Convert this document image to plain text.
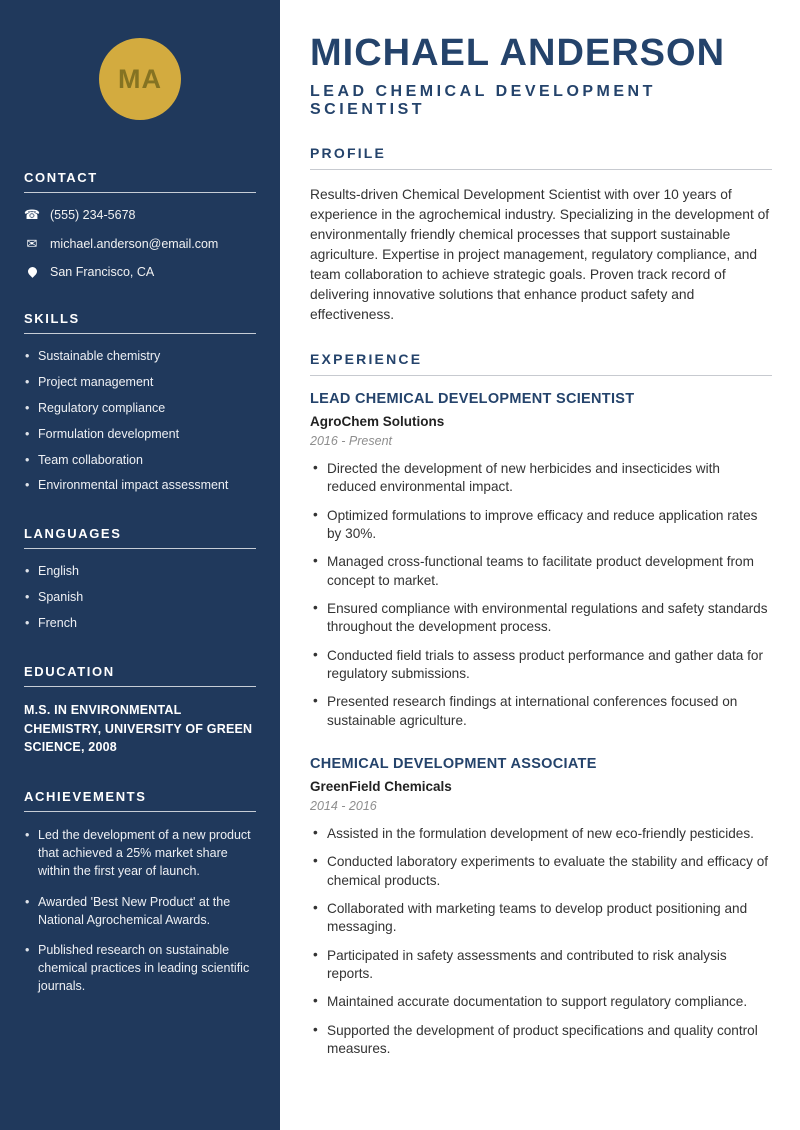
MA
CONTACT
☎
(555) 234-5678
✉
michael.anderson@email.com
San Francisco, CA
SKILLS
• Sustainable chemistry
• Project management
• Regulatory compliance
• Formulation development
• Team collaboration
• Environmental impact assessment
LANGUAGES
• English
• Spanish
• French
EDUCATION

M.S. IN ENVIRONMENTAL CHEMISTRY, UNIVERSITY OF GREEN SCIENCE, 2008

ACHIEVEMENTS
• Led the development of a new product that achieved a 25% market share within the first year of launch.
• Awarded 'Best New Product' at the National Agrochemical Awards.
• Published research on sustainable chemical practices in leading scientific journals.
MICHAEL ANDERSON

LEAD CHEMICAL DEVELOPMENT SCIENTIST

PROFILE

Results-driven Chemical Development Scientist with over 10 years of experience in the agrochemical industry. Specializing in the development of environmentally friendly chemical processes that support sustainable agriculture. Expertise in project management, regulatory compliance, and team collaboration to achieve strategic goals. Proven track record of delivering innovative solutions that enhance product safety and effectiveness.

EXPERIENCE
LEAD CHEMICAL DEVELOPMENT SCIENTIST

AgroChem Solutions

2016 - Present

• Directed the development of new herbicides and insecticides with reduced environmental impact.
• Optimized formulations to improve efficacy and reduce application rates by 30%.
• Managed cross-functional teams to facilitate product development from concept to market.
• Ensured compliance with environmental regulations and safety standards throughout the development process.
• Conducted field trials to assess product performance and gather data for regulatory submissions.
• Presented research findings at international conferences focused on sustainable agriculture.
CHEMICAL DEVELOPMENT ASSOCIATE

GreenField Chemicals

2014 - 2016

• Assisted in the formulation development of new eco-friendly pesticides.
• Conducted laboratory experiments to evaluate the stability and efficacy of chemical products.
• Collaborated with marketing teams to develop product positioning and messaging.
• Participated in safety assessments and contributed to risk analysis reports.
• Maintained accurate documentation to support regulatory compliance.
• Supported the development of product specifications and quality control measures.
